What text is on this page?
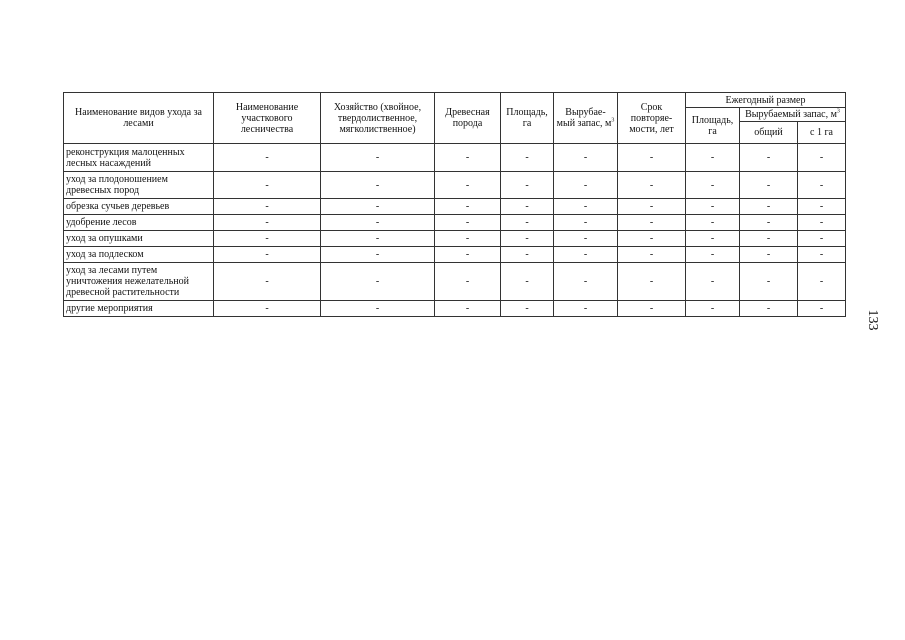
Наименование видов ухода за лесами	Наименование участкового лесничества	Хозяйство (хвойное, твердолиственное, мягколиственное)	Древесная порода	Площадь, га	Вырубае- мый запас, $м^3$	Срок повторяе- мости, лет	Ежегодный размер		
							Площадь, га	Вырубаемый запас, $м^3$
								общий	с 1 га
реконструкция малоценных лесных насаждений	-	-	-	-	-	-	-	-	-
уход за плодоношением древесных пород	-	-	-	-	-	-	-	-	-
обрезка сучьев деревьев	-	-	-	-	-	-	-	-	-
удобрение лесов	-	-	-	-	-	-	-	-	-
уход за опушками	-	-	-	-	-	-	-	-	-
уход за подлеском	-	-	-	-	-	-	-	-	-
уход за лесами путем уничтожения нежелательной древесной растительности	-	-	-	-	-	-	-	-	-
другие мероприятия	-	-	-	-	-	-	-	-	-
133
